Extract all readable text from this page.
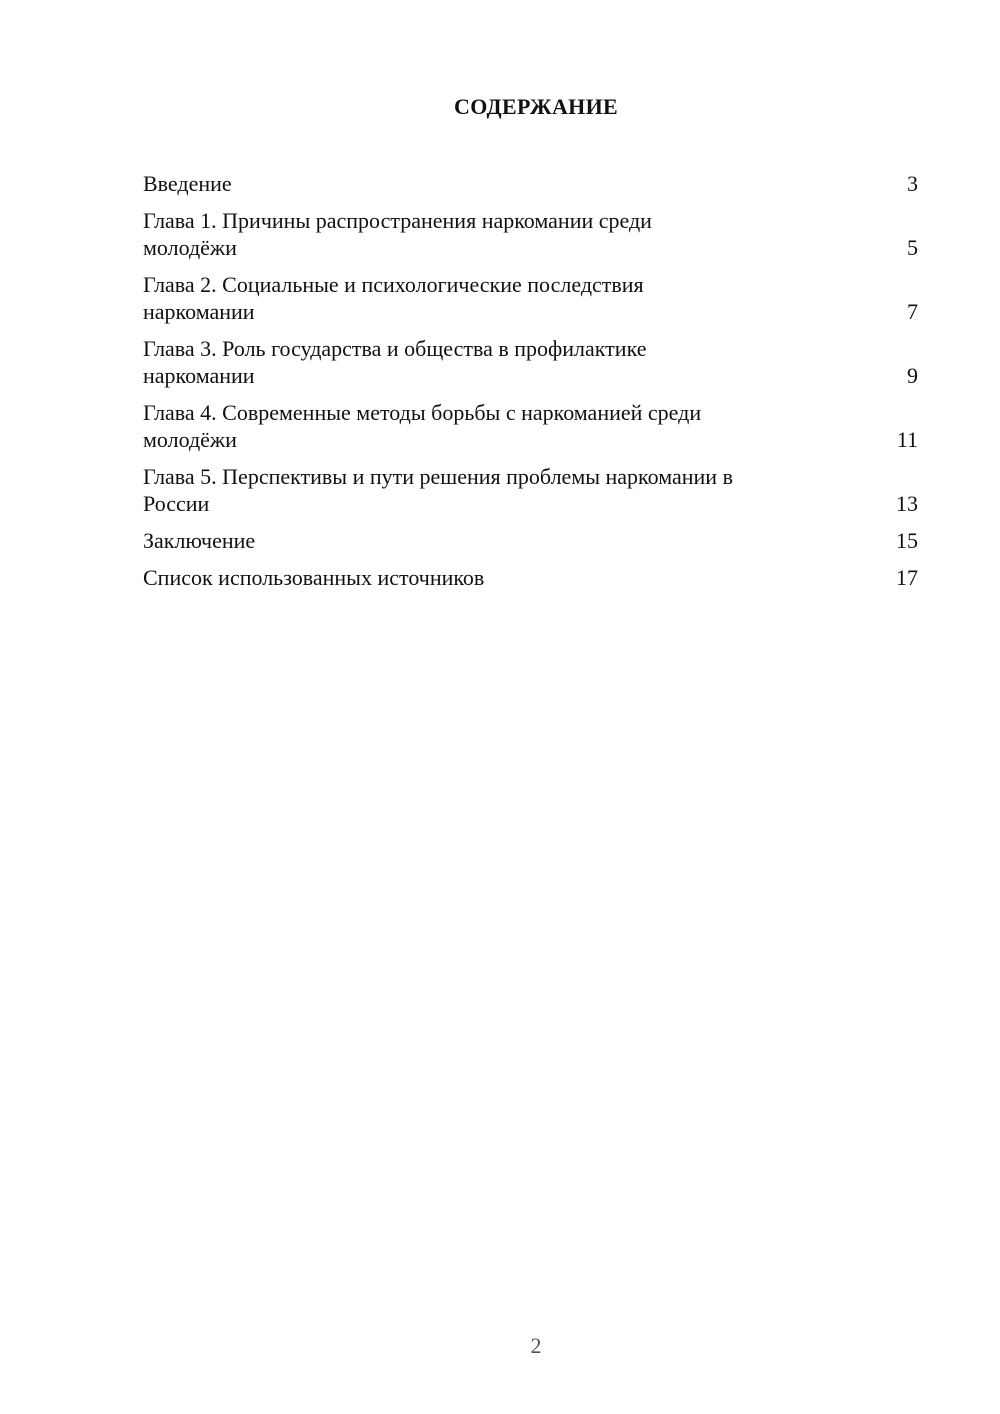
СОДЕРЖАНИЕ
Введение	3
Глава 1. Причины распространения наркомании среди
молодёжи	5
Глава 2. Социальные и психологические последствия
наркомании	7
Глава 3. Роль государства и общества в профилактике
наркомании	9
Глава 4. Современные методы борьбы с наркоманией среди
молодёжи	11
Глава 5. Перспективы и пути решения проблемы наркомании в
России	13
Заключение	15
Список использованных источников	17
2
